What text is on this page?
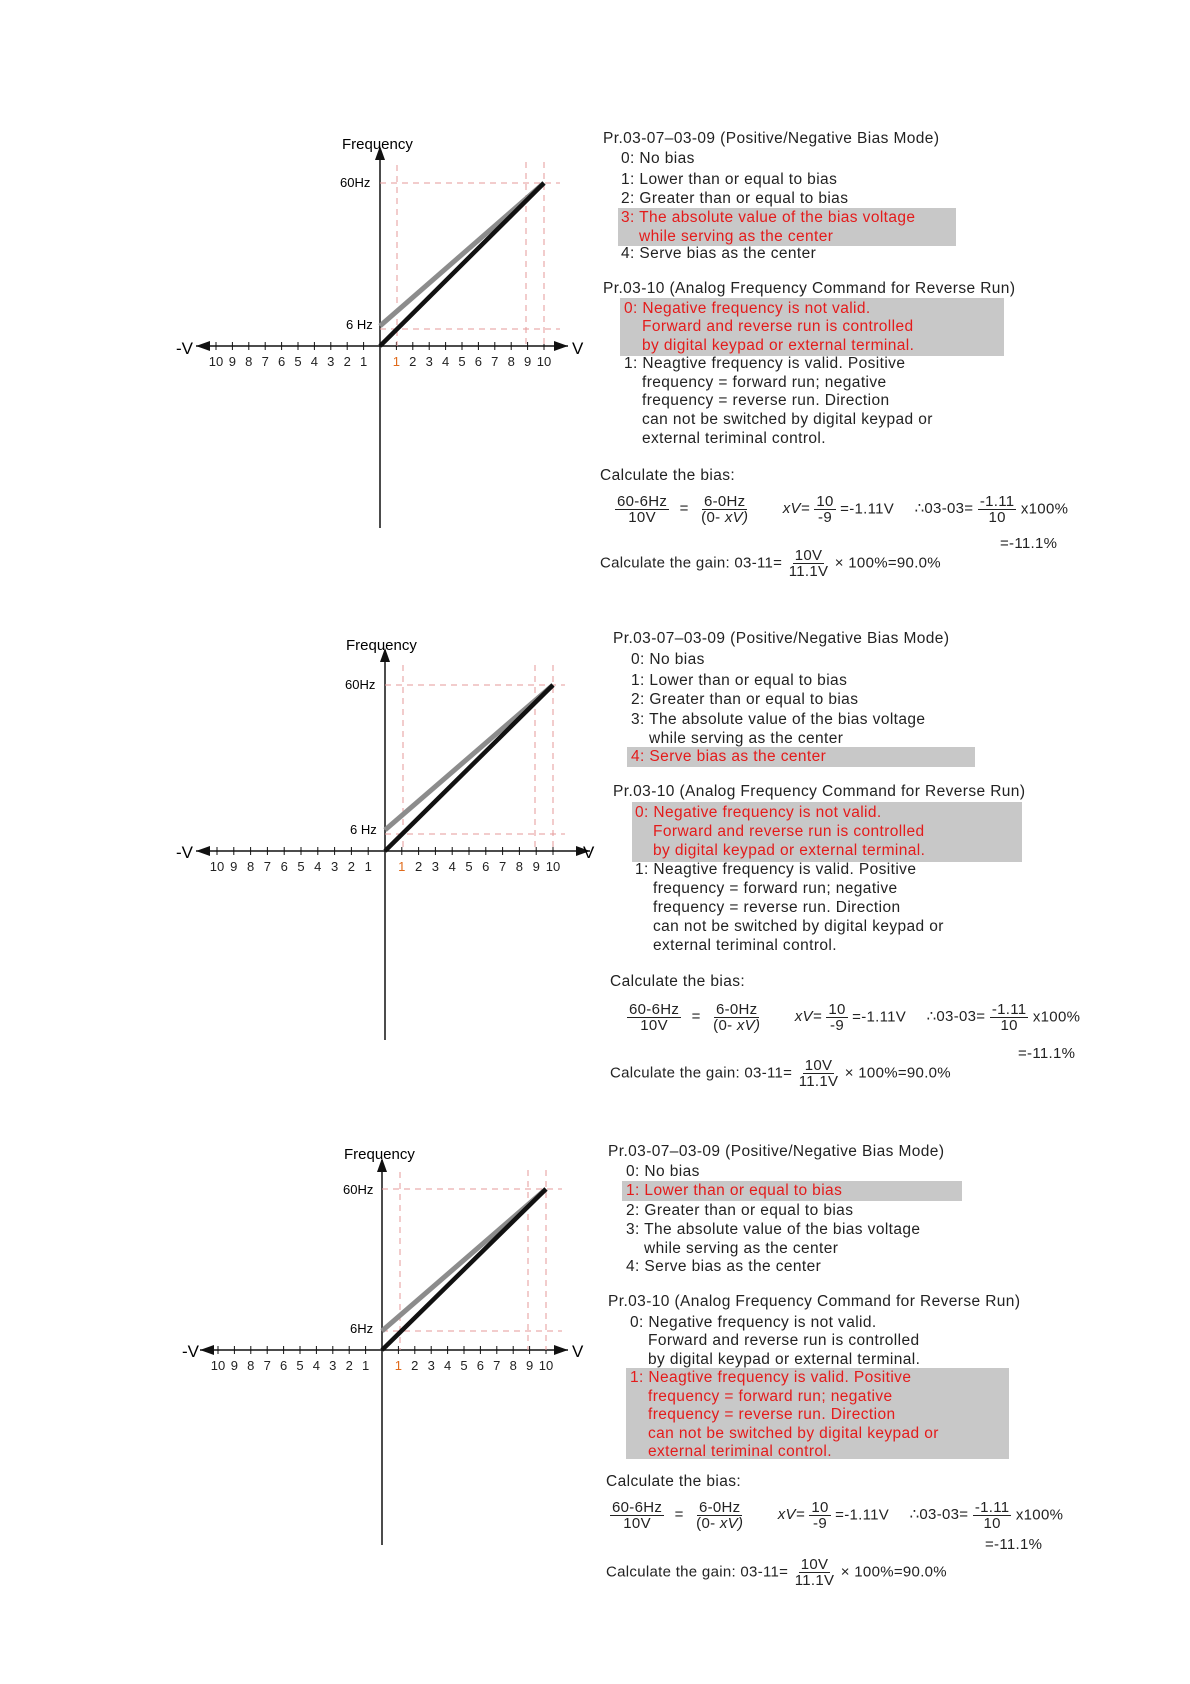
10 9 8 7 6 5 4 3 2 1 1 2 3 4 5 6 7 8 9 10
Frequency
60Hz
6 Hz
-V	V
Pr.03-07–03-09 (Positive/Negative Bias Mode)
0: No bias
1: Lower than or equal to bias
2: Greater than or equal to bias
3: The absolute value of the bias voltage
while serving as the center
4: Serve bias as the center
Pr.03-10 (Analog Frequency Command for Reverse Run)
0: Negative frequency is not valid.
Forward and reverse run is controlled
by digital keypad or external terminal.
1: Neagtive frequency is valid. Positive
frequency = forward run; negative
frequency = reverse run. Direction
can not be switched by digital keypad or
external teriminal control.
Calculate the bias:
$\frac{60-6Hz}{10V} = \frac{6-0Hz}{(0- xV)} xV= \frac{10}{-9} =-1.11V$ ∴03-03= $\frac{-1.11}{10} x100\%$
=-11.1%
Calculate the gain: $03-11= \frac{10V}{11.1V} \times 100\%=90.0\%$
10 9 8 7 6 5 4 3 2 1 1 2 3 4 5 6 7 8 9 10
Frequency
60Hz
6 Hz
-V	V
Pr.03-07–03-09 (Positive/Negative Bias Mode)
0: No bias
1: Lower than or equal to bias
2: Greater than or equal to bias
3: The absolute value of the bias voltage
while serving as the center
4: Serve bias as the center
Pr.03-10 (Analog Frequency Command for Reverse Run)
0: Negative frequency is not valid.
Forward and reverse run is controlled
by digital keypad or external terminal.
1: Neagtive frequency is valid. Positive
frequency = forward run; negative
frequency = reverse run. Direction
can not be switched by digital keypad or
external teriminal control.
Calculate the bias:
$\frac{60-6Hz}{10V} = \frac{6-0Hz}{(0- xV)} xV= \frac{10}{-9} =-1.11V$ ∴03-03= $\frac{-1.11}{10} x100\%$
=-11.1%
Calculate the gain: $03-11= \frac{10V}{11.1V} \times 100\%=90.0\%$
10 9 8 7 6 5 4 3 2 1 1 2 3 4 5 6 7 8 9 10
Frequency
60Hz
6Hz
-V	V
Pr.03-07–03-09 (Positive/Negative Bias Mode)
0: No bias
1: Lower than or equal to bias
2: Greater than or equal to bias
3: The absolute value of the bias voltage
while serving as the center
4: Serve bias as the center
Pr.03-10 (Analog Frequency Command for Reverse Run)
0: Negative frequency is not valid.
Forward and reverse run is controlled
by digital keypad or external terminal.
1: Neagtive frequency is valid. Positive
frequency = forward run; negative
frequency = reverse run. Direction
can not be switched by digital keypad or
external teriminal control.
Calculate the bias:
$\frac{60-6Hz}{10V} = \frac{6-0Hz}{(0- xV)} xV= \frac{10}{-9} =-1.11V$ ∴03-03= $\frac{-1.11}{10} x100\%$
=-11.1%
Calculate the gain: $03-11= \frac{10V}{11.1V} \times 100\%=90.0\%$
